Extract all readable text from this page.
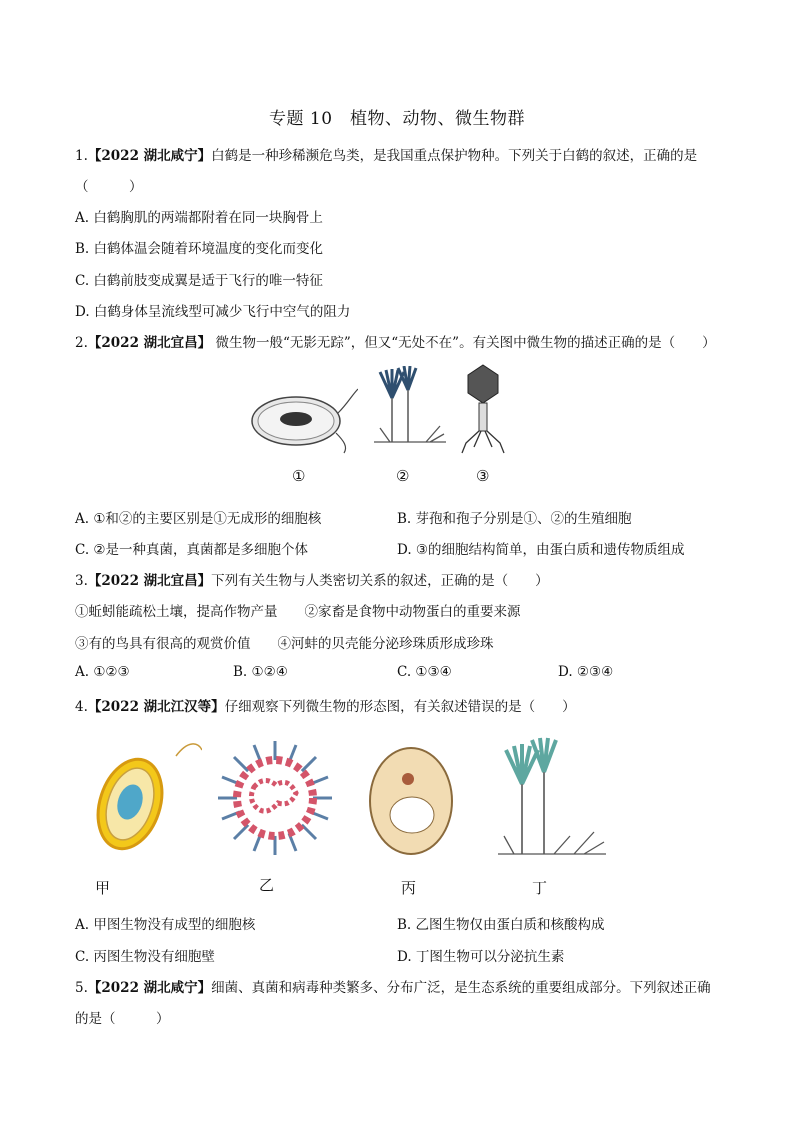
专题 10　植物、动物、微生物群
1.【2022 湖北咸宁】白鹤是一种珍稀濒危鸟类，是我国重点保护物种。下列关于白鹤的叙述，正确的是
（　　　）
A. 白鹤胸肌的两端都附着在同一块胸骨上
B. 白鹤体温会随着环境温度的变化而变化
C. 白鹤前肢变成翼是适于飞行的唯一特征
D. 白鹤身体呈流线型可减少飞行中空气的阻力
2.【2022 湖北宜昌】 微生物一般“无影无踪”，但又“无处不在”。有关图中微生物的描述正确的是（　　）
①	②	③
A. ①和②的主要区别是①无成形的细胞核	B. 芽孢和孢子分别是①、②的生殖细胞
C. ②是一种真菌，真菌都是多细胞个体	D. ③的细胞结构简单，由蛋白质和遗传物质组成
3.【2022 湖北宜昌】下列有关生物与人类密切关系的叙述，正确的是（　　）
①蚯蚓能疏松土壤，提高作物产量　　②家畜是食物中动物蛋白的重要来源
③有的鸟具有很高的观赏价值　　④河蚌的贝壳能分泌珍珠质形成珍珠
A. ①②③	B. ①②④	C. ①③④	D. ②③④
4.【2022 湖北江汉等】仔细观察下列微生物的形态图，有关叙述错误的是（　　）
甲	乙	丙	丁
A. 甲图生物没有成型的细胞核	B. 乙图生物仅由蛋白质和核酸构成
C. 丙图生物没有细胞壁	D. 丁图生物可以分泌抗生素
5.【2022 湖北咸宁】细菌、真菌和病毒种类繁多、分布广泛，是生态系统的重要组成部分。下列叙述正确
的是（　　　）
